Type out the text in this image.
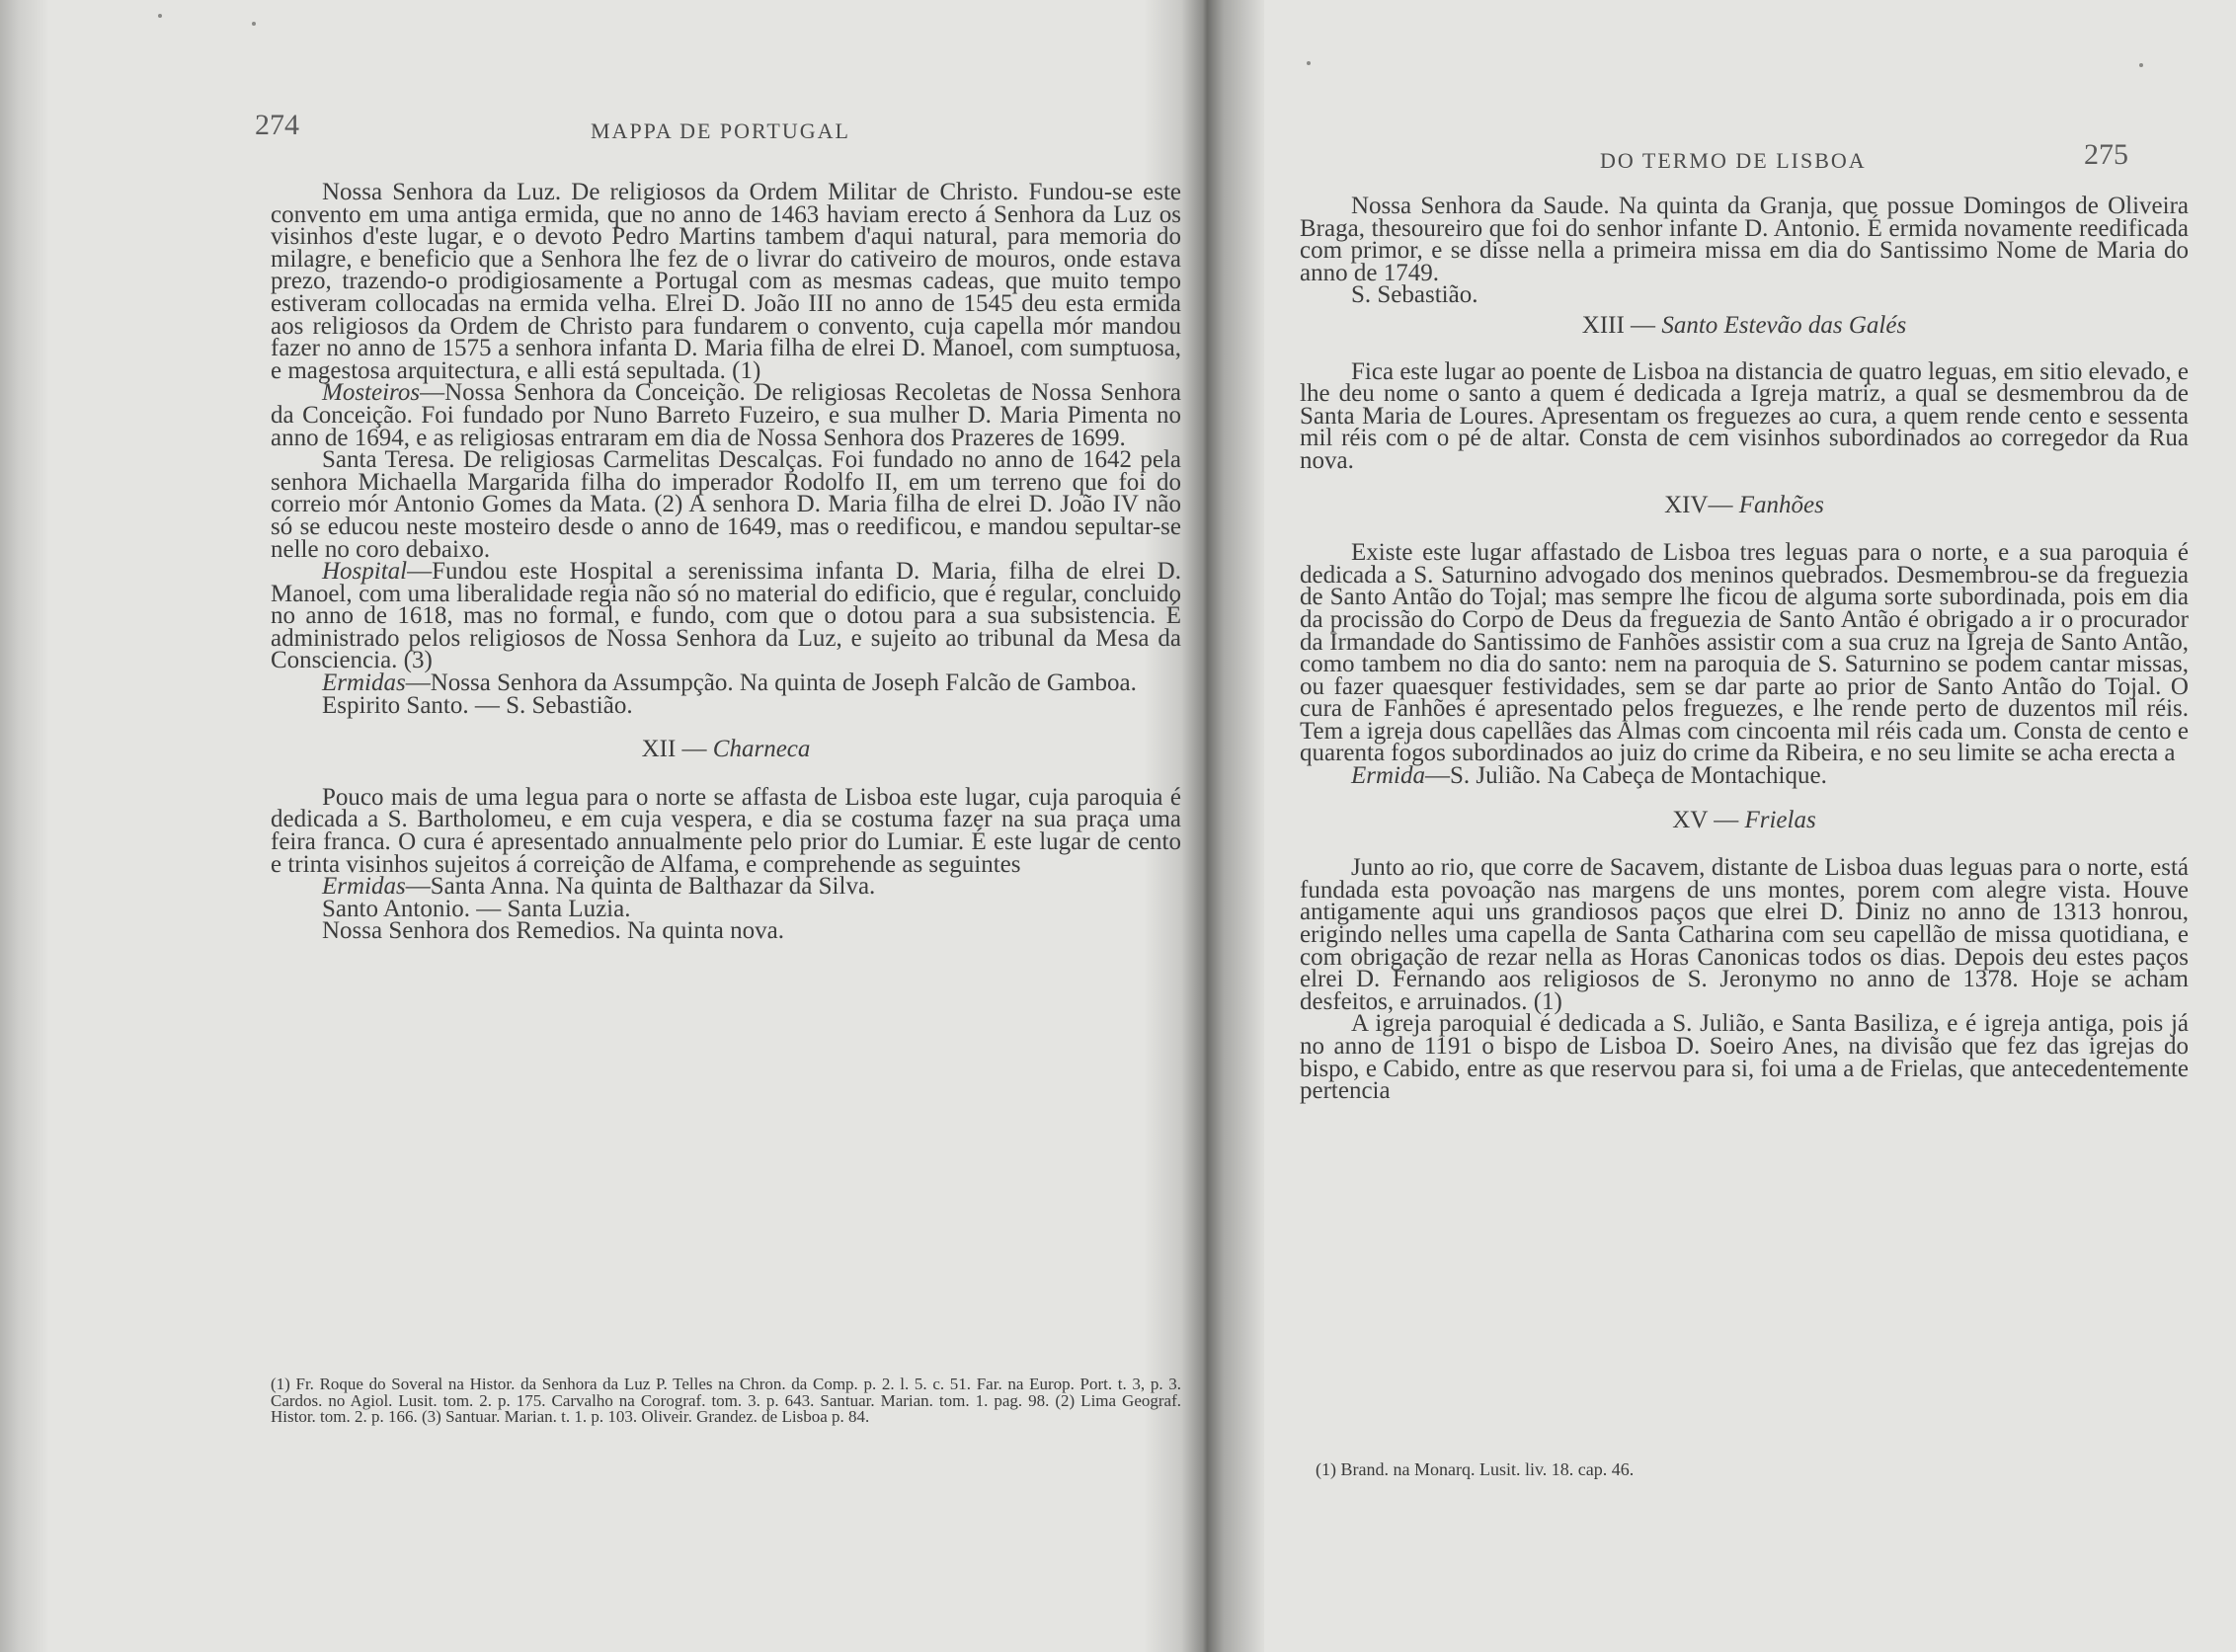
274	MAPPA DE PORTUGAL

Nossa Senhora da Luz. De religiosos da Ordem Militar de Christo. Fundou-se este convento em uma antiga ermida, que no anno de 1463 haviam erecto á Senhora da Luz os visinhos d'este lugar, e o devoto Pedro Martins tambem d'aqui natural, para memoria do milagre, e beneficio que a Senhora lhe fez de o livrar do cativeiro de mouros, onde estava prezo, trazendo-o prodigiosamente a Portugal com as mesmas cadeas, que muito tempo estiveram collocadas na ermida velha. Elrei D. João III no anno de 1545 deu esta ermida aos religiosos da Ordem de Christo para fundarem o convento, cuja capella mór mandou fazer no anno de 1575 a senhora infanta D. Maria filha de elrei D. Manoel, com sumptuosa, e magestosa arquitectura, e alli está sepultada. (1)

Mosteiros—Nossa Senhora da Conceição. De religiosas Recoletas de Nossa Senhora da Conceição. Foi fundado por Nuno Barreto Fuzeiro, e sua mulher D. Maria Pimenta no anno de 1694, e as religiosas entraram em dia de Nossa Senhora dos Prazeres de 1699.

Santa Teresa. De religiosas Carmelitas Descalças. Foi fundado no anno de 1642 pela senhora Michaella Margarida filha do imperador Rodolfo II, em um terreno que foi do correio mór Antonio Gomes da Mata. (2) A senhora D. Maria filha de elrei D. João IV não só se educou neste mosteiro desde o anno de 1649, mas o reedificou, e mandou sepultar-se nelle no coro debaixo.

Hospital—Fundou este Hospital a serenissima infanta D. Maria, filha de elrei D. Manoel, com uma liberalidade regia não só no material do edificio, que é regular, concluido no anno de 1618, mas no formal, e fundo, com que o dotou para a sua subsistencia. É administrado pelos religiosos de Nossa Senhora da Luz, e sujeito ao tribunal da Mesa da Consciencia. (3)

Ermidas—Nossa Senhora da Assumpção. Na quinta de Joseph Falcão de Gamboa.

Espirito Santo. — S. Sebastião.

XII — Charneca

Pouco mais de uma legua para o norte se affasta de Lisboa este lugar, cuja paroquia é dedicada a S. Bartholomeu, e em cuja vespera, e dia se costuma fazer na sua praça uma feira franca. O cura é apresentado annualmente pelo prior do Lumiar. É este lugar de cento e trinta visinhos sujeitos á correição de Alfama, e comprehende as seguintes

Ermidas—Santa Anna. Na quinta de Balthazar da Silva.

Santo Antonio. — Santa Luzia.

Nossa Senhora dos Remedios. Na quinta nova.

(1) Fr. Roque do Soveral na Histor. da Senhora da Luz P. Telles na Chron. da Comp. p. 2. l. 5. c. 51. Far. na Europ. Port. t. 3, p. 3. Cardos. no Agiol. Lusit. tom. 2. p. 175. Carvalho na Corograf. tom. 3. p. 643. Santuar. Marian. tom. 1. pag. 98. (2) Lima Geograf. Histor. tom. 2. p. 166. (3) Santuar. Marian. t. 1. p. 103. Oliveir. Grandez. de Lisboa p. 84.
DO TERMO DE LISBOA	275

Nossa Senhora da Saude. Na quinta da Granja, que possue Domingos de Oliveira Braga, thesoureiro que foi do senhor infante D. Antonio. É ermida novamente reedificada com primor, e se disse nella a primeira missa em dia do Santissimo Nome de Maria do anno de 1749.

S. Sebastião.

XIII — Santo Estevão das Galés

Fica este lugar ao poente de Lisboa na distancia de quatro leguas, em sitio elevado, e lhe deu nome o santo a quem é dedicada a Igreja matriz, a qual se desmembrou da de Santa Maria de Loures. Apresentam os freguezes ao cura, a quem rende cento e sessenta mil réis com o pé de altar. Consta de cem visinhos subordinados ao corregedor da Rua nova.

XIV— Fanhões

Existe este lugar affastado de Lisboa tres leguas para o norte, e a sua paroquia é dedicada a S. Saturnino advogado dos meninos quebrados. Desmembrou-se da freguezia de Santo Antão do Tojal; mas sempre lhe ficou de alguma sorte subordinada, pois em dia da procissão do Corpo de Deus da freguezia de Santo Antão é obrigado a ir o procurador da Irmandade do Santissimo de Fanhões assistir com a sua cruz na Igreja de Santo Antão, como tambem no dia do santo: nem na paroquia de S. Saturnino se podem cantar missas, ou fazer quaesquer festividades, sem se dar parte ao prior de Santo Antão do Tojal. O cura de Fanhões é apresentado pelos freguezes, e lhe rende perto de duzentos mil réis. Tem a igreja dous capellães das Almas com cincoenta mil réis cada um. Consta de cento e quarenta fogos subordinados ao juiz do crime da Ribeira, e no seu limite se acha erecta a

Ermida—S. Julião. Na Cabeça de Montachique.

XV — Frielas

Junto ao rio, que corre de Sacavem, distante de Lisboa duas leguas para o norte, está fundada esta povoação nas margens de uns montes, porem com alegre vista. Houve antigamente aqui uns grandiosos paços que elrei D. Diniz no anno de 1313 honrou, erigindo nelles uma capella de Santa Catharina com seu capellão de missa quotidiana, e com obrigação de rezar nella as Horas Canonicas todos os dias. Depois deu estes paços elrei D. Fernando aos religiosos de S. Jeronymo no anno de 1378. Hoje se acham desfeitos, e arruinados. (1)

A igreja paroquial é dedicada a S. Julião, e Santa Basiliza, e é igreja antiga, pois já no anno de 1191 o bispo de Lisboa D. Soeiro Anes, na divisão que fez das igrejas do bispo, e Cabido, entre as que reservou para si, foi uma a de Frielas, que antecedentemente pertencia

(1) Brand. na Monarq. Lusit. liv. 18. cap. 46.
